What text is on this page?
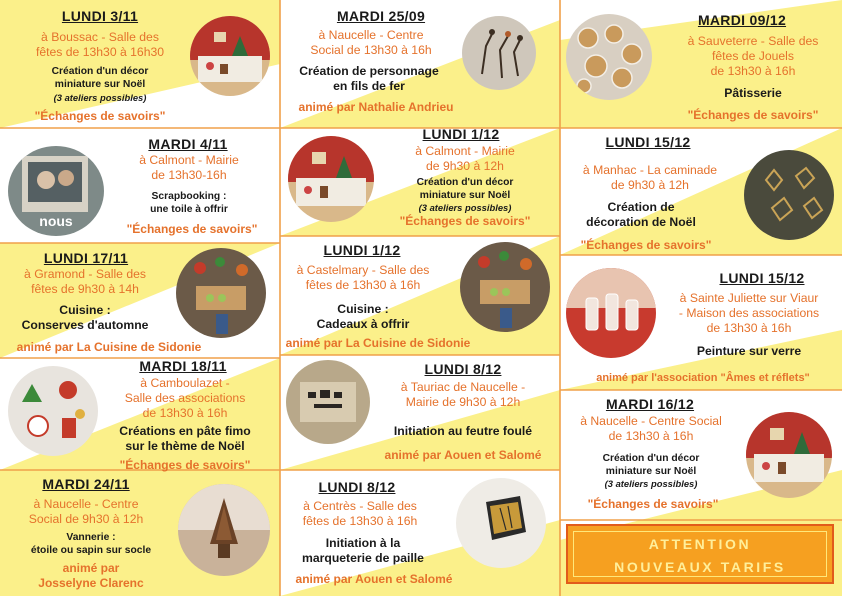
LUNDI 3/11
à Boussac - Salle des
fêtes de 13h30 à 16h30
Création d'un décor
miniature sur Noël
(3 ateliers possibles)
"Échanges de savoirs"
MARDI 25/09
à Naucelle - Centre
Social de 13h30 à 16h
Création de personnage
en fils de fer
animé par Nathalie Andrieu
MARDI 09/12
à Sauveterre - Salle des
fêtes de Jouels
de 13h30 à 16h
Pâtisserie
"Échanges de savoirs"
MARDI 4/11
à Calmont - Mairie
de 13h30-16h
Scrapbooking :
une toile à offrir
"Échanges de savoirs"
nous
LUNDI 1/12
à Calmont - Mairie
de 9h30 à 12h
Création d'un décor
miniature sur Noël
(3 ateliers possibles)
"Échanges de savoirs"
LUNDI 15/12
à Manhac - La caminade
de 9h30 à 12h
Création de
décoration de Noël
"Échanges de savoirs"
LUNDI 17/11
à Gramond - Salle des
fêtes de 9h30 à 14h
Cuisine :
Conserves d'automne
animé par La Cuisine de Sidonie
LUNDI 1/12
à Castelmary - Salle des
fêtes de 13h30 à 16h
Cuisine :
Cadeaux à offrir
animé par La Cuisine de Sidonie
LUNDI 15/12
à Sainte Juliette sur Viaur
- Maison des associations
de 13h30 à 16h
Peinture sur verre
animé par l'association "Âmes et réflets"
MARDI 18/11
à Camboulazet -
Salle des associations
de 13h30 à 16h
Créations en pâte fimo
sur le thème de Noël
"Échanges de savoirs"
LUNDI 8/12
à Tauriac de Naucelle -
Mairie de 9h30 à 12h
Initiation au feutre foulé
animé par Aouen et Salomé
MARDI 16/12
à Naucelle - Centre Social
de 13h30 à 16h
Création d'un décor
miniature sur Noël
(3 ateliers possibles)
"Échanges de savoirs"
MARDI 24/11
à Naucelle - Centre
Social de 9h30 à 12h
Vannerie :
étoile ou sapin sur socle
animé par
Josselyne Clarenc
LUNDI 8/12
à Centrès - Salle des
fêtes de 13h30 à 16h
Initiation à la
marqueterie de paille
animé par Aouen et Salomé
ATTENTION
NOUVEAUX TARIFS
